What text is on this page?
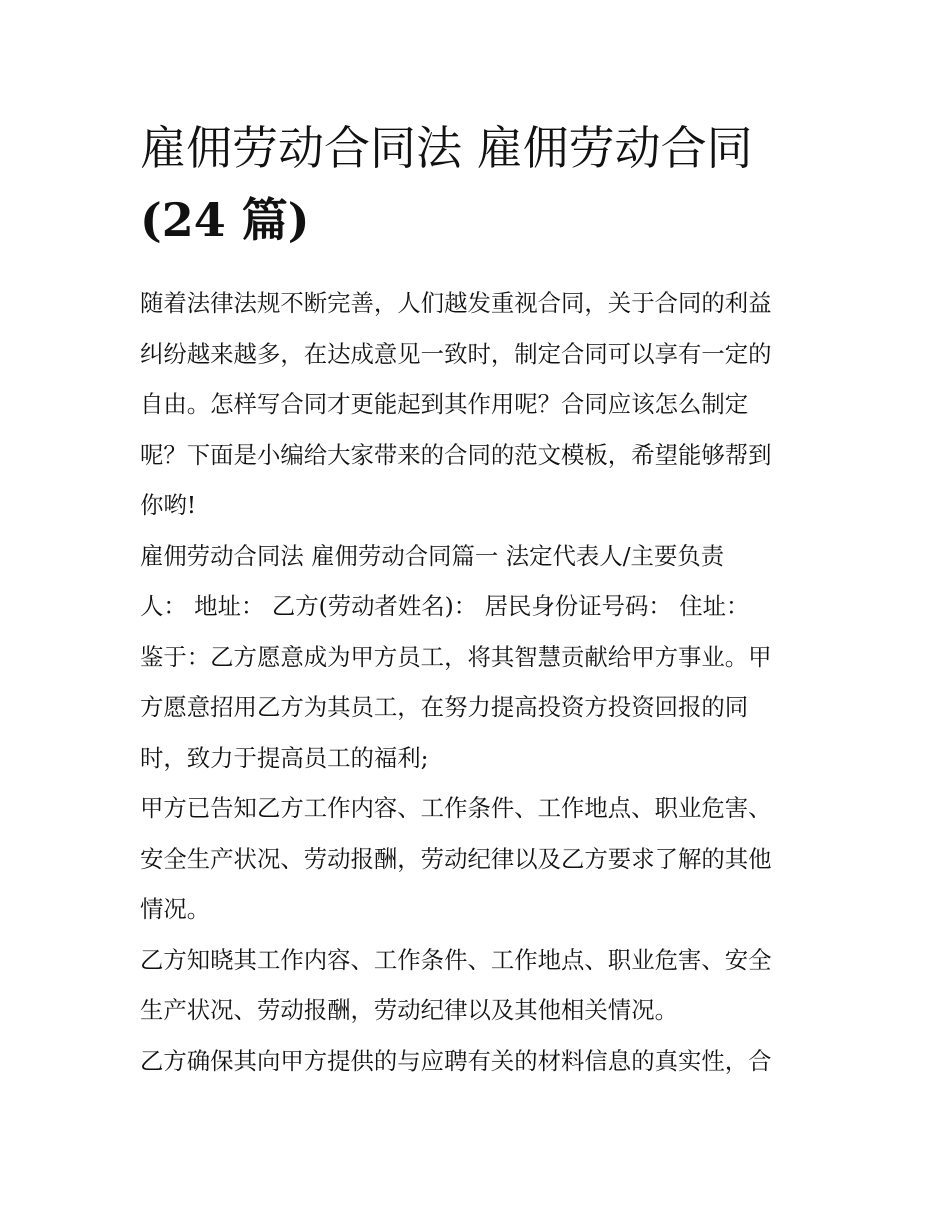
雇佣劳动合同法 雇佣劳动合同
(24 篇)
随着法律法规不断完善，人们越发重视合同，关于合同的利益
纠纷越来越多，在达成意见一致时，制定合同可以享有一定的
自由。怎样写合同才更能起到其作用呢？合同应该怎么制定
呢？下面是小编给大家带来的合同的范文模板，希望能够帮到
你哟!
雇佣劳动合同法 雇佣劳动合同篇一 法定代表人/主要负责
人： 地址： 乙方(劳动者姓名)： 居民身份证号码： 住址：
鉴于：乙方愿意成为甲方员工，将其智慧贡献给甲方事业。甲
方愿意招用乙方为其员工，在努力提高投资方投资回报的同
时，致力于提高员工的福利;
甲方已告知乙方工作内容、工作条件、工作地点、职业危害、
安全生产状况、劳动报酬，劳动纪律以及乙方要求了解的其他
情况。
乙方知晓其工作内容、工作条件、工作地点、职业危害、安全
生产状况、劳动报酬，劳动纪律以及其他相关情况。
乙方确保其向甲方提供的与应聘有关的材料信息的真实性，合
